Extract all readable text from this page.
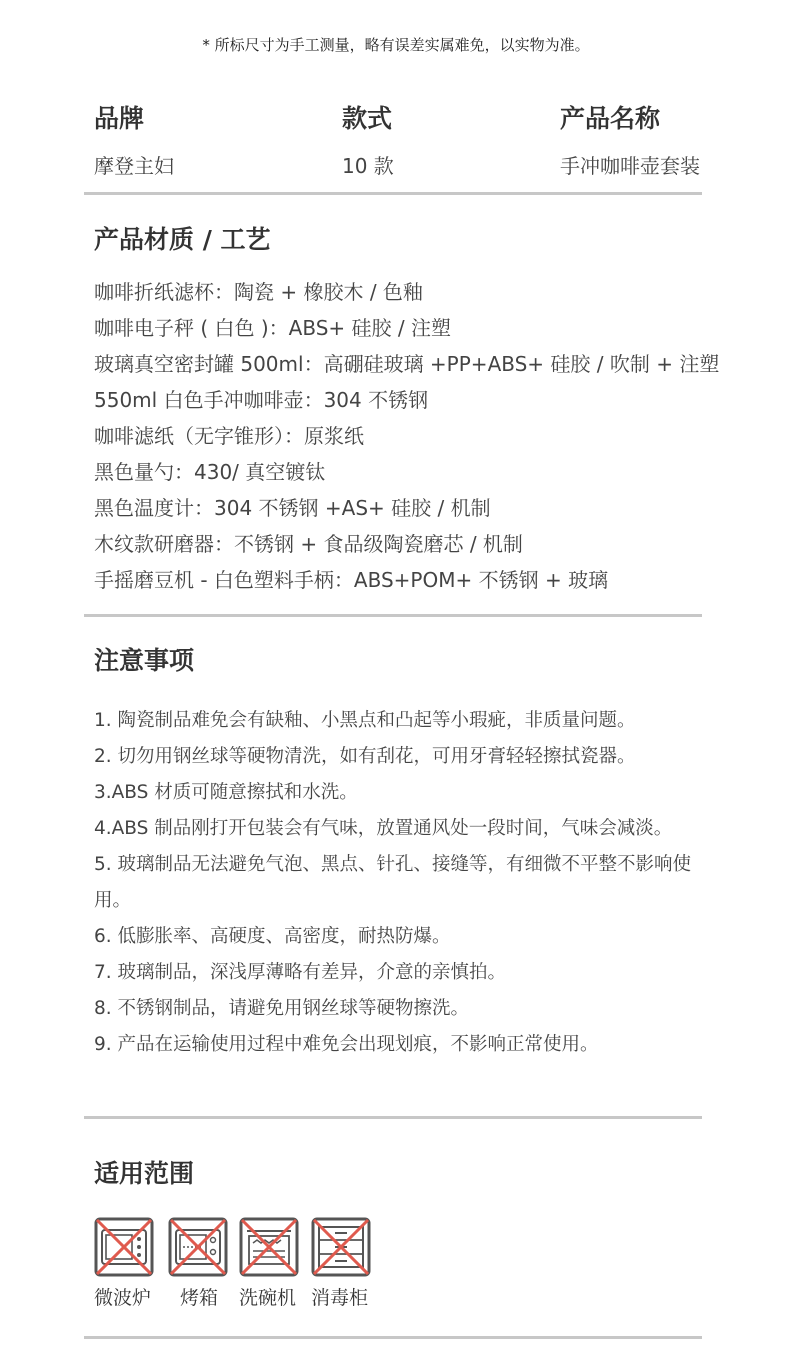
* 所标尺寸为手工测量，略有误差实属难免，以实物为准。
品牌
摩登主妇
款式
10 款
产品名称
手冲咖啡壶套装
产品材质 / 工艺
咖啡折纸滤杯：陶瓷 + 橡胶木 / 色釉
咖啡电子秤 ( 白色 )：ABS+ 硅胶 / 注塑
玻璃真空密封罐 500ml：高硼硅玻璃 +PP+ABS+ 硅胶 / 吹制 + 注塑
550ml 白色手冲咖啡壶：304 不锈钢
咖啡滤纸（无字锥形）：原浆纸
黑色量勺：430/ 真空镀钛
黑色温度计：304 不锈钢 +AS+ 硅胶 / 机制
木纹款研磨器：不锈钢 + 食品级陶瓷磨芯 / 机制
手摇磨豆机 - 白色塑料手柄：ABS+POM+ 不锈钢 + 玻璃
注意事项
1. 陶瓷制品难免会有缺釉、小黑点和凸起等小瑕疵，非质量问题。
2. 切勿用钢丝球等硬物清洗，如有刮花，可用牙膏轻轻擦拭瓷器。
3.ABS 材质可随意擦拭和水洗。
4.ABS 制品刚打开包装会有气味，放置通风处一段时间，气味会减淡。
5. 玻璃制品无法避免气泡、黑点、针孔、接缝等，有细微不平整不影响使用。
6. 低膨胀率、高硬度、高密度，耐热防爆。
7. 玻璃制品，深浅厚薄略有差异，介意的亲慎拍。
8. 不锈钢制品，请避免用钢丝球等硬物擦洗。
9. 产品在运输使用过程中难免会出现划痕，不影响正常使用。
适用范围
微波炉	烤箱	洗碗机 消毒柜
